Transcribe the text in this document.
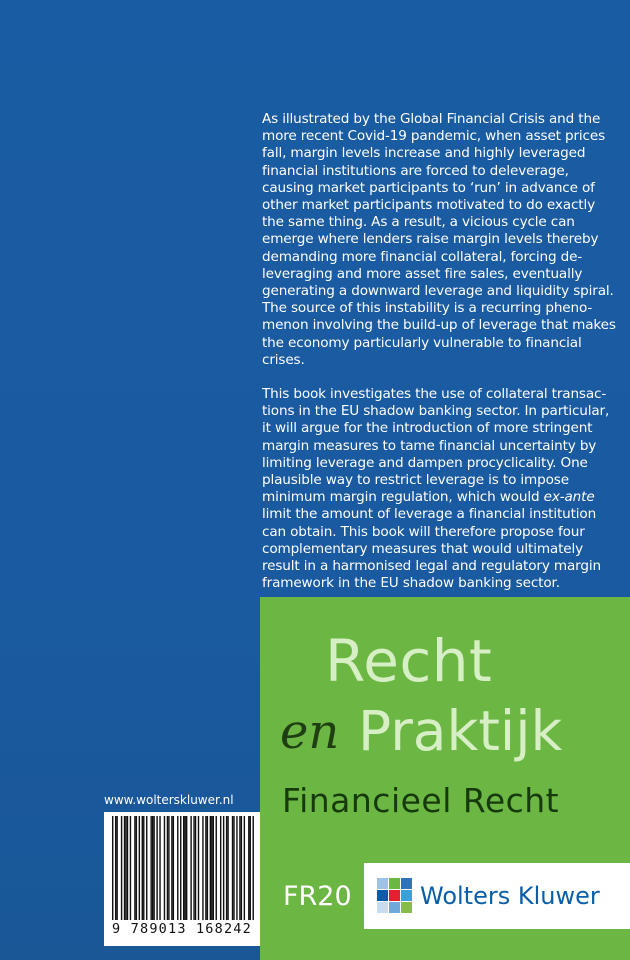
As illustrated by the Global Financial Crisis and the
more recent Covid-19 pandemic, when asset prices
fall, margin levels increase and highly leveraged
financial institutions are forced to deleverage,
causing market participants to ‘run’ in advance of
other market participants motivated to do exactly
the same thing. As a result, a vicious cycle can
emerge where lenders raise margin levels thereby
demanding more financial collateral, forcing de-
leveraging and more asset fire sales, eventually
generating a downward leverage and liquidity spiral.
The source of this instability is a recurring pheno-
menon involving the build-up of leverage that makes
the economy particularly vulnerable to financial
crises.
This book investigates the use of collateral transac-
tions in the EU shadow banking sector. In particular,
it will argue for the introduction of more stringent
margin measures to tame financial uncertainty by
limiting leverage and dampen procyclicality. One
plausible way to restrict leverage is to impose
minimum margin regulation, which would ex-ante
limit the amount of leverage a financial institution
can obtain. This book will therefore propose four
complementary measures that would ultimately
result in a harmonised legal and regulatory margin
framework in the EU shadow banking sector.
Recht
en Praktijk
Financieel Recht
FR20	Wolters Kluwer
www.wolterskluwer.nl
9 789013 168242
